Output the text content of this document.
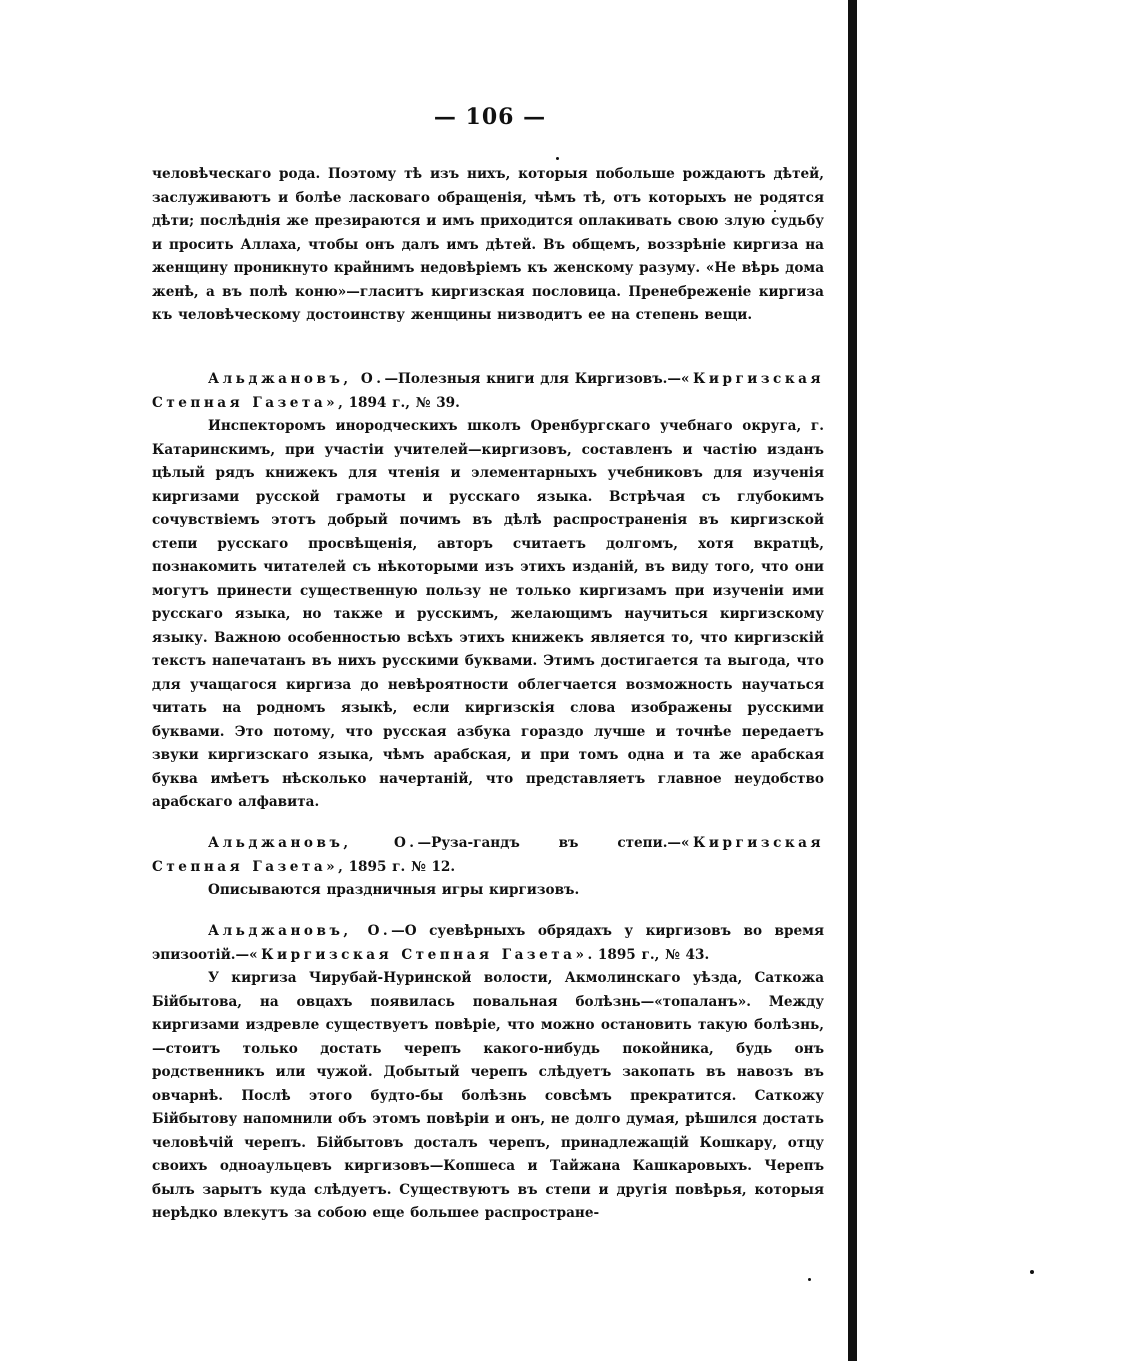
— 106 —

человѣческаго рода. Поэтому тѣ изъ нихъ, которыя побольше рождаютъ дѣтей, заслуживаютъ и болѣе ласковаго обращенія, чѣмъ тѣ, отъ которыхъ не родятся дѣти; послѣднія же презираются и имъ приходится оплакивать свою злую судьбу и просить Аллаха, чтобы онъ далъ имъ дѣтей. Въ общемъ, воззрѣніе киргиза на женщину проникнуто крайнимъ недовѣріемъ къ женскому разуму. «Не вѣрь дома женѣ, а въ полѣ коню»—гласитъ киргизская пословица. Пренебреженіе киргиза къ человѣческому достоинству женщины низводитъ ее на степень вещи.

Альджановъ, О.—Полезныя книги для Киргизовъ.—«Киргизская Степная Газета», 1894 г., № 39.

Инспекторомъ инородческихъ школъ Оренбургскаго учебнаго округа, г. Катаринскимъ, при участіи учителей—киргизовъ, составленъ и частію изданъ цѣлый рядъ книжекъ для чтенія и элементарныхъ учебниковъ для изученія киргизами русской грамоты и русскаго языка. Встрѣчая съ глубокимъ сочувствіемъ этотъ добрый почимъ въ дѣлѣ распространенія въ киргизской степи русскаго просвѣщенія, авторъ считаетъ долгомъ, хотя вкратцѣ, познакомить читателей съ нѣкоторыми изъ этихъ изданій, въ виду того, что они могутъ принести существенную пользу не только киргизамъ при изученіи ими русскаго языка, но также и русскимъ, желающимъ научиться киргизскому языку. Важною особенностью всѣхъ этихъ книжекъ является то, что киргизскій текстъ напечатанъ въ нихъ русскими буквами. Этимъ достигается та выгода, что для учащагося киргиза до невѣроятности облегчается возможность научаться читать на родномъ языкѣ, если киргизскія слова изображены русскими буквами. Это потому, что русская азбука гораздо лучше и точнѣе передаетъ звуки киргизскаго языка, чѣмъ арабская, и при томъ одна и та же арабская буква имѣетъ нѣсколько начертаній, что представляетъ главное неудобство арабскаго алфавита.

Альджановъ, О.—Руза-гандъ въ степи.—«Киргизская Степная Газета», 1895 г. № 12.

Описываются праздничныя игры киргизовъ.

Альджановъ, О.—О суевѣрныхъ обрядахъ у киргизовъ во время эпизоотій.—«Киргизская Степная Газета». 1895 г., № 43.

У киргиза Чирубай-Нуринской волости, Акмолинскаго уѣзда, Саткожа Бійбытова, на овцахъ появилась повальная болѣзнь—«топаланъ». Между киргизами издревле существуетъ повѣріе, что можно остановить такую болѣзнь,—стоитъ только достать черепъ какого-нибудь покойника, будь онъ родственникъ или чужой. Добытый черепъ слѣдуетъ закопать въ навозъ въ овчарнѣ. Послѣ этого будто-бы болѣзнь совсѣмъ прекратится. Саткожу Бійбытову напомнили объ этомъ повѣріи и онъ, не долго думая, рѣшился достать человѣчій черепъ. Бійбытовъ досталъ черепъ, принадлежащій Кошкару, отцу своихъ одноаульцевъ киргизовъ—Копшеса и Тайжана Кашкаровыхъ. Черепъ былъ зарытъ куда слѣдуетъ. Существуютъ въ степи и другія повѣрья, которыя нерѣдко влекутъ за собою еще большее распростране-
